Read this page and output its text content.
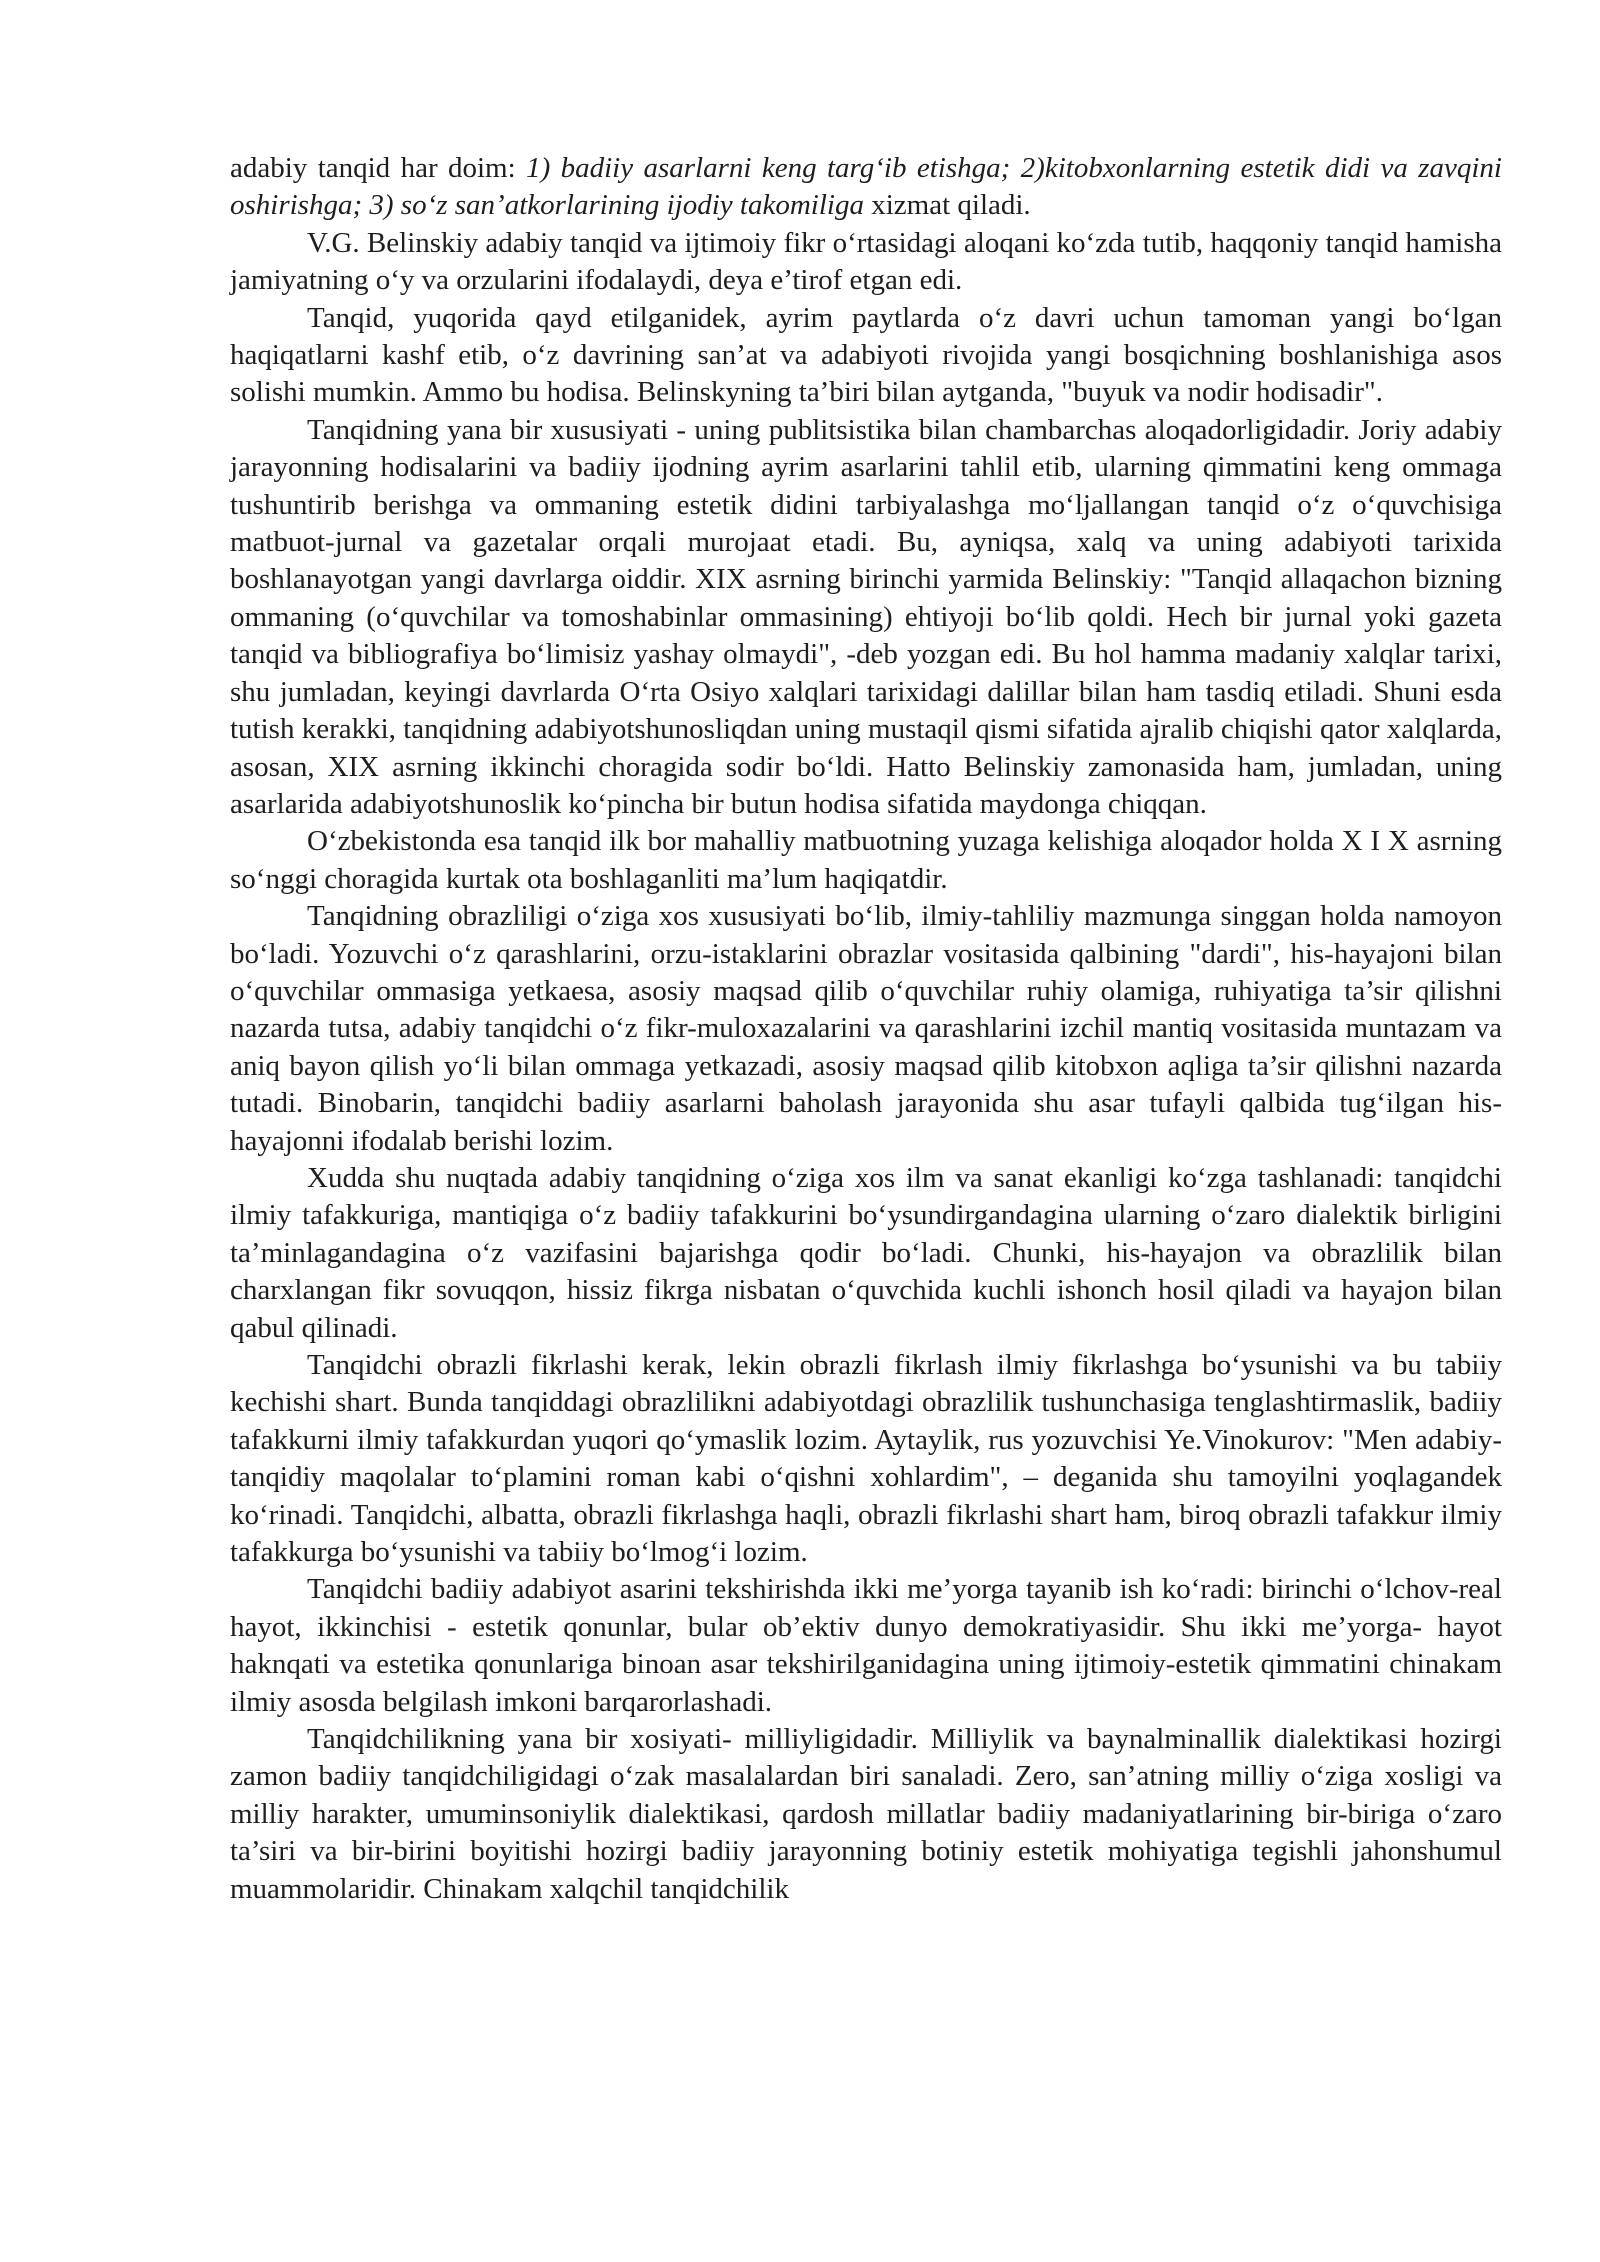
adabiy tanqid har doim: 1) badiiy asarlarni keng targ‘ib etishga; 2)kitobxonlarning estetik didi va zavqini oshirishga; 3) so‘z san’atkorlarining ijodiy takomiliga xizmat qiladi.

V.G. Belinskiy adabiy tanqid va ijtimoiy fikr o‘rtasidagi aloqani ko‘zda tutib, haqqoniy tanqid hamisha jamiyatning o‘y va orzularini ifodalaydi, deya e’tirof etgan edi.

Tanqid, yuqorida qayd etilganidek, ayrim paytlarda o‘z davri uchun tamoman yangi bo‘lgan haqiqatlarni kashf etib, o‘z davrining san’at va adabiyoti rivojida yangi bosqichning boshlanishiga asos solishi mumkin. Ammo bu hodisa. Belinskyning ta’biri bilan aytganda, "buyuk va nodir hodisadir".

Tanqidning yana bir xususiyati - uning publitsistika bilan chambarchas aloqadorligidadir. Joriy adabiy jarayonning hodisalarini va badiiy ijodning ayrim asarlarini tahlil etib, ularning qimmatini keng ommaga tushuntirib berishga va ommaning estetik didini tarbiyalashga mo‘ljallangan tanqid o‘z o‘quvchisiga matbuot-jurnal va gazetalar orqali murojaat etadi. Bu, ayniqsa, xalq va uning adabiyoti tarixida boshlanayotgan yangi davrlarga oiddir. XIX asrning birinchi yarmida Belinskiy: "Tanqid allaqachon bizning ommaning (o‘quvchilar va tomoshabinlar ommasining) ehtiyoji bo‘lib qoldi. Hech bir jurnal yoki gazeta tanqid va bibliografiya bo‘limisiz yashay olmaydi", -deb yozgan edi. Bu hol hamma madaniy xalqlar tarixi, shu jumladan, keyingi davrlarda O‘rta Osiyo xalqlari tarixidagi dalillar bilan ham tasdiq etiladi. Shuni esda tutish kerakki, tanqidning adabiyotshunosliqdan uning mustaqil qismi sifatida ajralib chiqishi qator xalqlarda, asosan, XIX asrning ikkinchi choragida sodir bo‘ldi. Hatto Belinskiy zamonasida ham, jumladan, uning asarlarida adabiyotshunoslik ko‘pincha bir butun hodisa sifatida maydonga chiqqan.

O‘zbekistonda esa tanqid ilk bor mahalliy matbuotning yuzaga kelishiga aloqador holda X I X asrning so‘nggi choragida kurtak ota boshlaganliti ma’lum haqiqatdir.

Tanqidning obrazliligi o‘ziga xos xususiyati bo‘lib, ilmiy-tahliliy mazmunga singgan holda namoyon bo‘ladi. Yozuvchi o‘z qarashlarini, orzu-istaklarini obrazlar vositasida qalbining "dardi", his-hayajoni bilan o‘quvchilar ommasiga yetkaesa, asosiy maqsad qilib o‘quvchilar ruhiy olamiga, ruhiyatiga ta’sir qilishni nazarda tutsa, adabiy tanqidchi o‘z fikr-muloxazalarini va qarashlarini izchil mantiq vositasida muntazam va aniq bayon qilish yo‘li bilan ommaga yetkazadi, asosiy maqsad qilib kitobxon aqliga ta’sir qilishni nazarda tutadi. Binobarin, tanqidchi badiiy asarlarni baholash jarayonida shu asar tufayli qalbida tug‘ilgan his-hayajonni ifodalab berishi lozim.

Xudda shu nuqtada adabiy tanqidning o‘ziga xos ilm va sanat ekanligi ko‘zga tashlanadi: tanqidchi ilmiy tafakkuriga, mantiqiga o‘z badiiy tafakkurini bo‘ysundirgandagina ularning o‘zaro dialektik birligini ta’minlagandagina o‘z vazifasini bajarishga qodir bo‘ladi. Chunki, his-hayajon va obrazlilik bilan charxlangan fikr sovuqqon, hissiz fikrga nisbatan o‘quvchida kuchli ishonch hosil qiladi va hayajon bilan qabul qilinadi.

Tanqidchi obrazli fikrlashi kerak, lekin obrazli fikrlash ilmiy fikrlashga bo‘ysunishi va bu tabiiy kechishi shart. Bunda tanqiddagi obrazlilikni adabiyotdagi obrazlilik tushunchasiga tenglashtirmaslik, badiiy tafakkurni ilmiy tafakkurdan yuqori qo‘ymaslik lozim. Aytaylik, rus yozuvchisi Ye.Vinokurov: "Men adabiy-tanqidiy maqolalar to‘plamini roman kabi o‘qishni xohlardim", – deganida shu tamoyilni yoqlagandek ko‘rinadi. Tanqidchi, albatta, obrazli fikrlashga haqli, obrazli fikrlashi shart ham, biroq obrazli tafakkur ilmiy tafakkurga bo‘ysunishi va tabiiy bo‘lmog‘i lozim.

Tanqidchi badiiy adabiyot asarini tekshirishda ikki me’yorga tayanib ish ko‘radi: birinchi o‘lchov-real hayot, ikkinchisi - estetik qonunlar, bular ob’ektiv dunyo demokratiyasidir. Shu ikki me’yorga- hayot haknqati va estetika qonunlariga binoan asar tekshirilganidagina uning ijtimoiy-estetik qimmatini chinakam ilmiy asosda belgilash imkoni barqarorlashadi.

Tanqidchilikning yana bir xosiyati- milliyligidadir. Milliylik va baynalminallik dialektikasi hozirgi zamon badiiy tanqidchiligidagi o‘zak masalalardan biri sanaladi. Zero, san’atning milliy o‘ziga xosligi va milliy harakter, umuminsoniylik dialektikasi, qardosh millatlar badiiy madaniyatlarining bir-biriga o‘zaro ta’siri va bir-birini boyitishi hozirgi badiiy jarayonning botiniy estetik mohiyatiga tegishli jahonshumul muammolaridir. Chinakam xalqchil tanqidchilik
